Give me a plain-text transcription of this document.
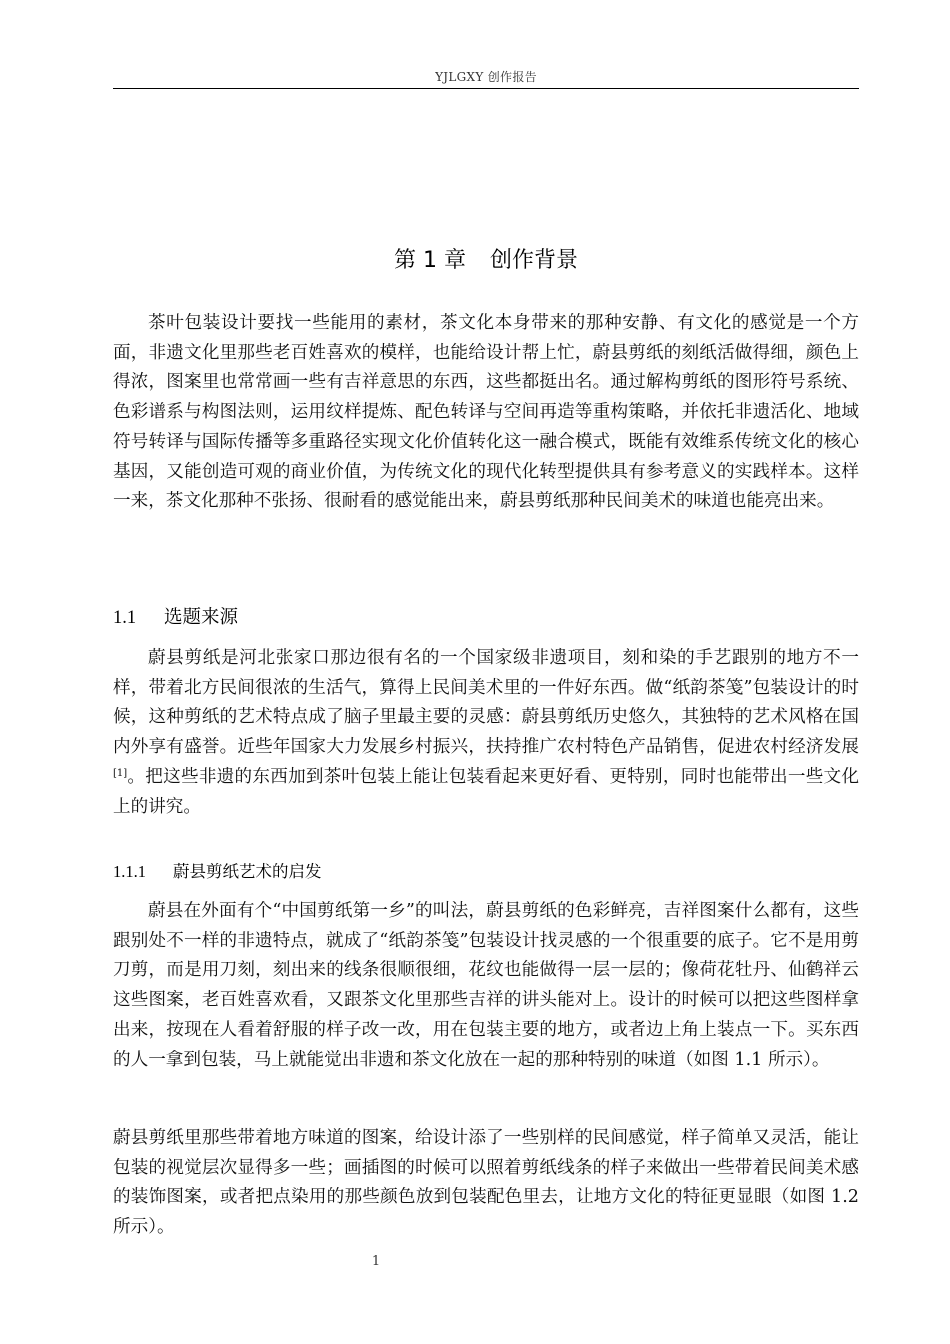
YJLGXY 创作报告
第 1 章 创作背景

茶叶包装设计要找一些能用的素材，茶文化本身带来的那种安静、有文化的感觉是一个方面，非遗文化里那些老百姓喜欢的模样，也能给设计帮上忙，蔚县剪纸的刻纸活做得细，颜色上得浓，图案里也常常画一些有吉祥意思的东西，这些都挺出名。通过解构剪纸的图形符号系统、色彩谱系与构图法则，运用纹样提炼、配色转译与空间再造等重构策略，并依托非遗活化、地域符号转译与国际传播等多重路径实现文化价值转化这一融合模式，既能有效维系传统文化的核心基因，又能创造可观的商业价值，为传统文化的现代化转型提供具有参考意义的实践样本。这样一来，茶文化那种不张扬、很耐看的感觉能出来，蔚县剪纸那种民间美术的味道也能亮出来。

1.1 选题来源

蔚县剪纸是河北张家口那边很有名的一个国家级非遗项目，刻和染的手艺跟别的地方不一样，带着北方民间很浓的生活气，算得上民间美术里的一件好东西。做“纸韵茶笺”包装设计的时候，这种剪纸的艺术特点成了脑子里最主要的灵感：蔚县剪纸历史悠久，其独特的艺术风格在国内外享有盛誉。近些年国家大力发展乡村振兴，扶持推广农村特色产品销售，促进农村经济发展[1]。把这些非遗的东西加到茶叶包装上能让包装看起来更好看、更特别，同时也能带出一些文化上的讲究。

1.1.1 蔚县剪纸艺术的启发

蔚县在外面有个“中国剪纸第一乡”的叫法，蔚县剪纸的色彩鲜亮，吉祥图案什么都有，这些跟别处不一样的非遗特点，就成了“纸韵茶笺”包装设计找灵感的一个很重要的底子。它不是用剪刀剪，而是用刀刻，刻出来的线条很顺很细，花纹也能做得一层一层的；像荷花牡丹、仙鹤祥云这些图案，老百姓喜欢看，又跟茶文化里那些吉祥的讲头能对上。设计的时候可以把这些图样拿出来，按现在人看着舒服的样子改一改，用在包装主要的地方，或者边上角上装点一下。买东西的人一拿到包装，马上就能觉出非遗和茶文化放在一起的那种特别的味道（如图 1.1 所示）。

蔚县剪纸里那些带着地方味道的图案，给设计添了一些别样的民间感觉，样子简单又灵活，能让包装的视觉层次显得多一些；画插图的时候可以照着剪纸线条的样子来做出一些带着民间美术感的装饰图案，或者把点染用的那些颜色放到包装配色里去，让地方文化的特征更显眼（如图 1.2 所示）。

1
